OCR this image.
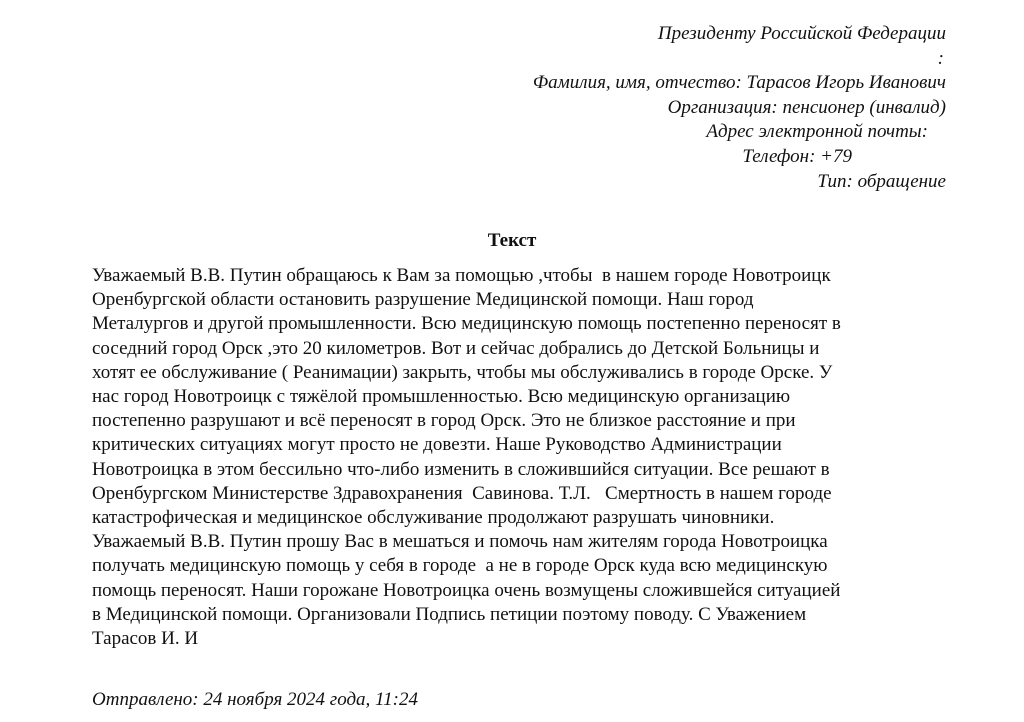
Президенту Российской Федерации
:
Фамилия, имя, отчество: Тарасов Игорь Иванович
Организация: пенсионер (инвалид)
Адрес электронной почты:
Телефон: +79
Тип: обращение
Текст
Уважаемый В.В. Путин обращаюсь к Вам за помощью ,чтобы  в нашем городе Новотроицк
Оренбургской области остановить разрушение Медицинской помощи. Наш город
Металургов и другой промышленности. Всю медицинскую помощь постепенно переносят в
соседний город Орск ,это 20 километров. Вот и сейчас добрались до Детской Больницы и
хотят ее обслуживание ( Реанимации) закрыть, чтобы мы обслуживались в городе Орске. У
нас город Новотроицк с тяжёлой промышленностью. Всю медицинскую организацию
постепенно разрушают и всё переносят в город Орск. Это не близкое расстояние и при
критических ситуациях могут просто не довезти. Наше Руководство Администрации
Новотроицка в этом бессильно что-либо изменить в сложившийся ситуации. Все решают в
Оренбургском Министерстве Здравохранения  Савинова. Т.Л.   Смертность в нашем городе
катастрофическая и медицинское обслуживание продолжают разрушать чиновники.
Уважаемый В.В. Путин прошу Вас в мешаться и помочь нам жителям города Новотроицка
получать медицинскую помощь у себя в городе  а не в городе Орск куда всю медицинскую
помощь переносят. Наши горожане Новотроицка очень возмущены сложившейся ситуацией
в Медицинской помощи. Организовали Подпись петиции поэтому поводу. С Уважением
Тарасов И. И
Отправлено: 24 ноября 2024 года, 11:24
